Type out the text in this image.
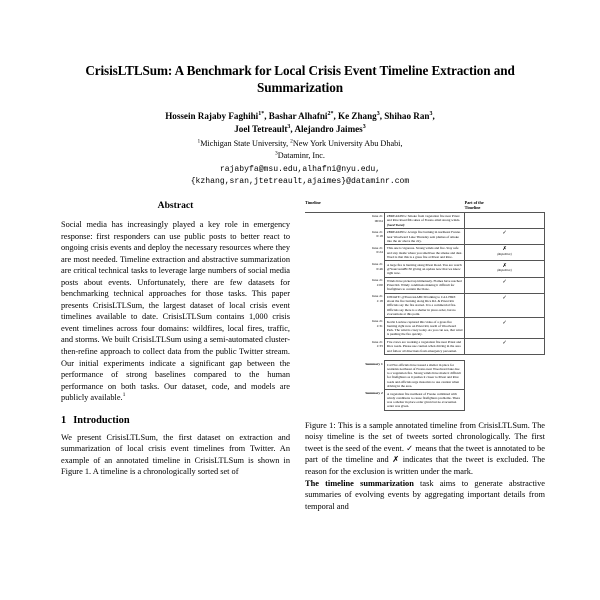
CrisisLTLSum: A Benchmark for Local Crisis Event Timeline Extraction and Summarization
Hossein Rajaby Faghihi$^{1*}$, Bashar Alhafni$^{2*}$, Ke Zhang$^3$, Shihao Ran$^3$,
Joel Tetreault$^3$, Alejandro Jaimes$^3$
$^1$Michigan State University, $^2$New York University Abu Dhabi,
$^3$Dataminr, Inc.
rajabyfa@msu.edu,alhafni@nyu.edu,
{kzhang,sran,jtetreault,ajaimes}@dataminr.com
Abstract

Social media has increasingly played a key role in emergency response: first responders can use public posts to better react to ongoing crisis events and deploy the necessary resources where they are most needed. Timeline extraction and abstractive summarization are critical technical tasks to leverage large numbers of social media posts about events. Unfortunately, there are few datasets for benchmarking technical approaches for those tasks. This paper presents CrisisLTLSum, the largest dataset of local crisis event timelines available to date. CrisisLTLSum contains 1,000 crisis event timelines across four domains: wildfires, local fires, traffic, and storms. We built CrisisLTLSum using a semi-automated cluster-then-refine approach to collect data from the public Twitter stream. Our initial experiments indicate a significant gap between the performance of strong baselines compared to the human performance on both tasks. Our dataset, code, and models are publicly available.$^1$

1 Introduction

We present CrisisLTLSum, the first dataset on extraction and summarization of local crisis event timelines from Twitter. An example of an annotated timeline in CrisisLTLSum is shown in Figure 1. A timeline is a chronologically sorted set of

Timeline		Part of the
Timeline
June 21
00:04	#BREAKING: Smoke from vegetation fire near Priest and Rice Road fills skies of Fresno amid strong winds. (Seed Tweet)	
June 21
0:18	#BREAKING: A large fire burning in northeast Fresno near Woodward Lake Thursday sent plumes of smoke into the air above the city.	✓
June 21
0:24	This one is vigorous. Strong winds and fire. Stay safe and stay inside where you smell/see the smoke and dust. Word is that this is a grass fire at Priest and Rice.	✗
(Repetitive)

June 21
0:46	A large fire is burning along Priest Road. You are watch @YourcastABC30 giving an update now that we know right now.	✗
(Repetitive)

June 21
1:00	Winds have picked up immensely. Flames have reached Priest Rd. Windy conditions making it difficult for firefighters to contain the blaze.	✓
June 21
1:18	UPDATE: @YourcastABC30 talking to CAL FIRE about the fire burning along Rice Rd. & Priest Rd. Officials say the fire started. It is a commercial fire. Officials say there is a shelter in place order, but no evacuations at this point.	✓
June 21
1:31	Kevin Lastvue captured this video of a grass fire burning right now on Priest Rd, north of Woodward Park. The wind is crazy today. As you can see, that wind is pushing the fire quickly.	✓
June 21
1:33	Fire crews are working a vegetation fire near Priest and Rice roads. Please use caution when driving in the area and follow all directions from emergency personnel.	✓

Summary 1	Cal Fire officials have issued a shelter in place for residents northeast of Fresno near Woodward lake due to a vegetation fire. Strong winds have made it difficult for firefighters as it pushes it closer to Priest and Rice roads and officials urge motorists to use caution when driving in the area.	
Summary 2	A vegetation fire northeast of Fresno combined with windy conditions to cause firefighters problems. There was a shelter in place order given but no evacuation order was given.	
Figure 1: This is a sample annotated timeline from CrisisLTLSum. The noisy timeline is the set of tweets sorted chronologically. The first tweet is the seed of the event. ✓ means that the tweet is annotated to be part of the timeline and ✗ indicates that the tweet is excluded. The reason for the exclusion is written under the mark.

The timeline summarization task aims to generate abstractive summaries of evolving events by aggregating important details from temporal and
